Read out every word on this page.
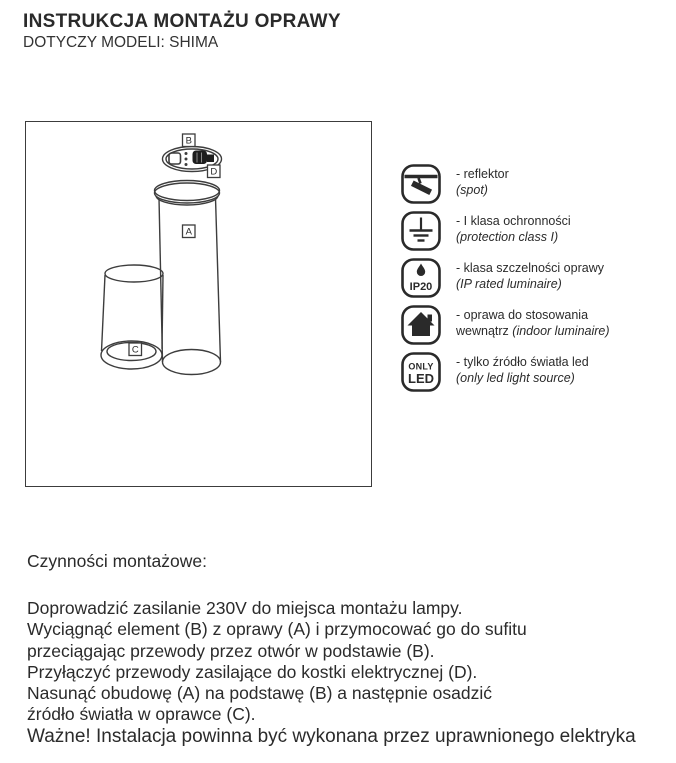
INSTRUKCJA MONTAŻU OPRAWY
DOTYCZY MODELI: SHIMA
B
D
A
C
- reflektor
(spot)
- I klasa ochronności
(protection class I)
IP20
- klasa szczelności oprawy
(IP rated luminaire)
- oprawa do stosowania
wewnątrz (indoor luminaire)
ONLY
LED
- tylko źródło światła led
(only led light source)
Czynności montażowe:
Doprowadzić zasilanie 230V do miejsca montażu lampy.
Wyciągnąć element (B) z oprawy (A) i przymocować go do sufitu
przeciągając przewody przez otwór w podstawie (B).
Przyłączyć przewody zasilające do kostki elektrycznej (D).
Nasunąć obudowę (A) na podstawę (B) a następnie osadzić
źródło światła w oprawce (C).
Ważne! Instalacja powinna być wykonana przez uprawnionego elektryka
